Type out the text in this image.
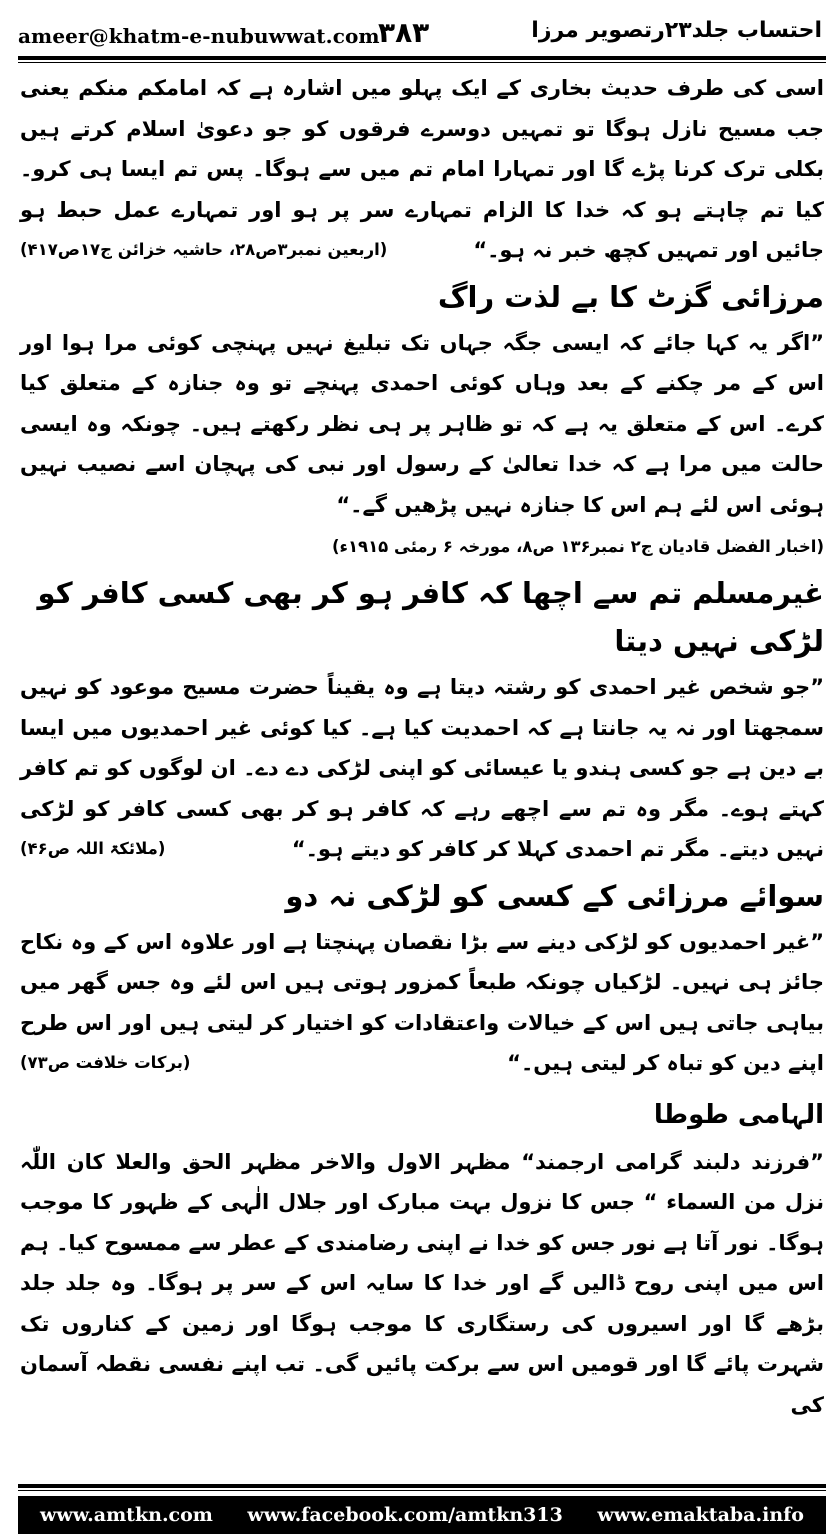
ameer@khatm-e-nubuwwat.com
۳۸۳	احتساب جلد۲۳رتصویر مرزا

اسی کی طرف حدیث بخاری کے ایک پہلو میں اشارہ ہے کہ امامکم منکم یعنی جب مسیح نازل ہوگا تو تمہیں دوسرے فرقوں کو جو دعویٰ اسلام کرتے ہیں بکلی ترک کرنا پڑے گا اور تمہارا امام تم میں سے ہوگا۔ پس تم ایسا ہی کرو۔ کیا تم چاہتے ہو کہ خدا کا الزام تمہارے سر پر ہو اور تمہارے عمل حبط ہو جائیں اور تمہیں کچھ خبر نہ ہو۔“
(اربعین نمبر۳ص۲۸، حاشیہ خزائن ج۱۷ص۴۱۷)

مرزائی گزٹ کا بے لذت راگ

”اگر یہ کہا جائے کہ ایسی جگہ جہاں تک تبلیغ نہیں پہنچی کوئی مرا ہوا اور اس کے مر چکنے کے بعد وہاں کوئی احمدی پہنچے تو وہ جنازہ کے متعلق کیا کرے۔ اس کے متعلق یہ ہے کہ تو ظاہر پر ہی نظر رکھتے ہیں۔ چونکہ وہ ایسی حالت میں مرا ہے کہ خدا تعالیٰ کے رسول اور نبی کی پہچان اسے نصیب نہیں ہوئی اس لئے ہم اس کا جنازہ نہیں پڑھیں گے۔“

(اخبار الفضل قادیان ج۲ نمبر۱۳۶ ص۸، مورخہ ۶ رمئی ۱۹۱۵ء)
غیرمسلم تم سے اچھا کہ کافر ہو کر بھی کسی کافر کو لڑکی نہیں دیتا

”جو شخص غیر احمدی کو رشتہ دیتا ہے وہ یقیناً حضرت مسیح موعود کو نہیں سمجھتا اور نہ یہ جانتا ہے کہ احمدیت کیا ہے۔ کیا کوئی غیر احمدیوں میں ایسا بے دین ہے جو کسی ہندو یا عیسائی کو اپنی لڑکی دے دے۔ ان لوگوں کو تم کافر کہتے ہوے۔ مگر وہ تم سے اچھے رہے کہ کافر ہو کر بھی کسی کافر کو لڑکی نہیں دیتے۔ مگر تم احمدی کہلا کر کافر کو دیتے ہو۔“
(ملائکۃ اللہ ص۴۶)

سوائے مرزائی کے کسی کو لڑکی نہ دو

”غیر احمدیوں کو لڑکی دینے سے بڑا نقصان پہنچتا ہے اور علاوہ اس کے وہ نکاح جائز ہی نہیں۔ لڑکیاں چونکہ طبعاً کمزور ہوتی ہیں اس لئے وہ جس گھر میں بیاہی جاتی ہیں اس کے خیالات واعتقادات کو اختیار کر لیتی ہیں اور اس طرح اپنے دین کو تباہ کر لیتی ہیں۔“
(برکات خلافت ص۷۳)

الہامی طوطا

”فرزند دلبند گرامی ارجمند“ مظہر الاول والاخر مظہر الحق والعلا کان اللّٰہ نزل من السماء “ جس کا نزول بہت مبارک اور جلال الٰہی کے ظہور کا موجب ہوگا۔ نور آتا ہے نور جس کو خدا نے اپنی رضامندی کے عطر سے ممسوح کیا۔ ہم اس میں اپنی روح ڈالیں گے اور خدا کا سایہ اس کے سر پر ہوگا۔ وہ جلد جلد بڑھے گا اور اسیروں کی رستگاری کا موجب ہوگا اور زمین کے کناروں تک شہرت پائے گا اور قومیں اس سے برکت پائیں گی۔ تب اپنے نفسی نقطہ آسمان کی

www.amtkn.com www.facebook.com/amtkn313 www.emaktaba.info
